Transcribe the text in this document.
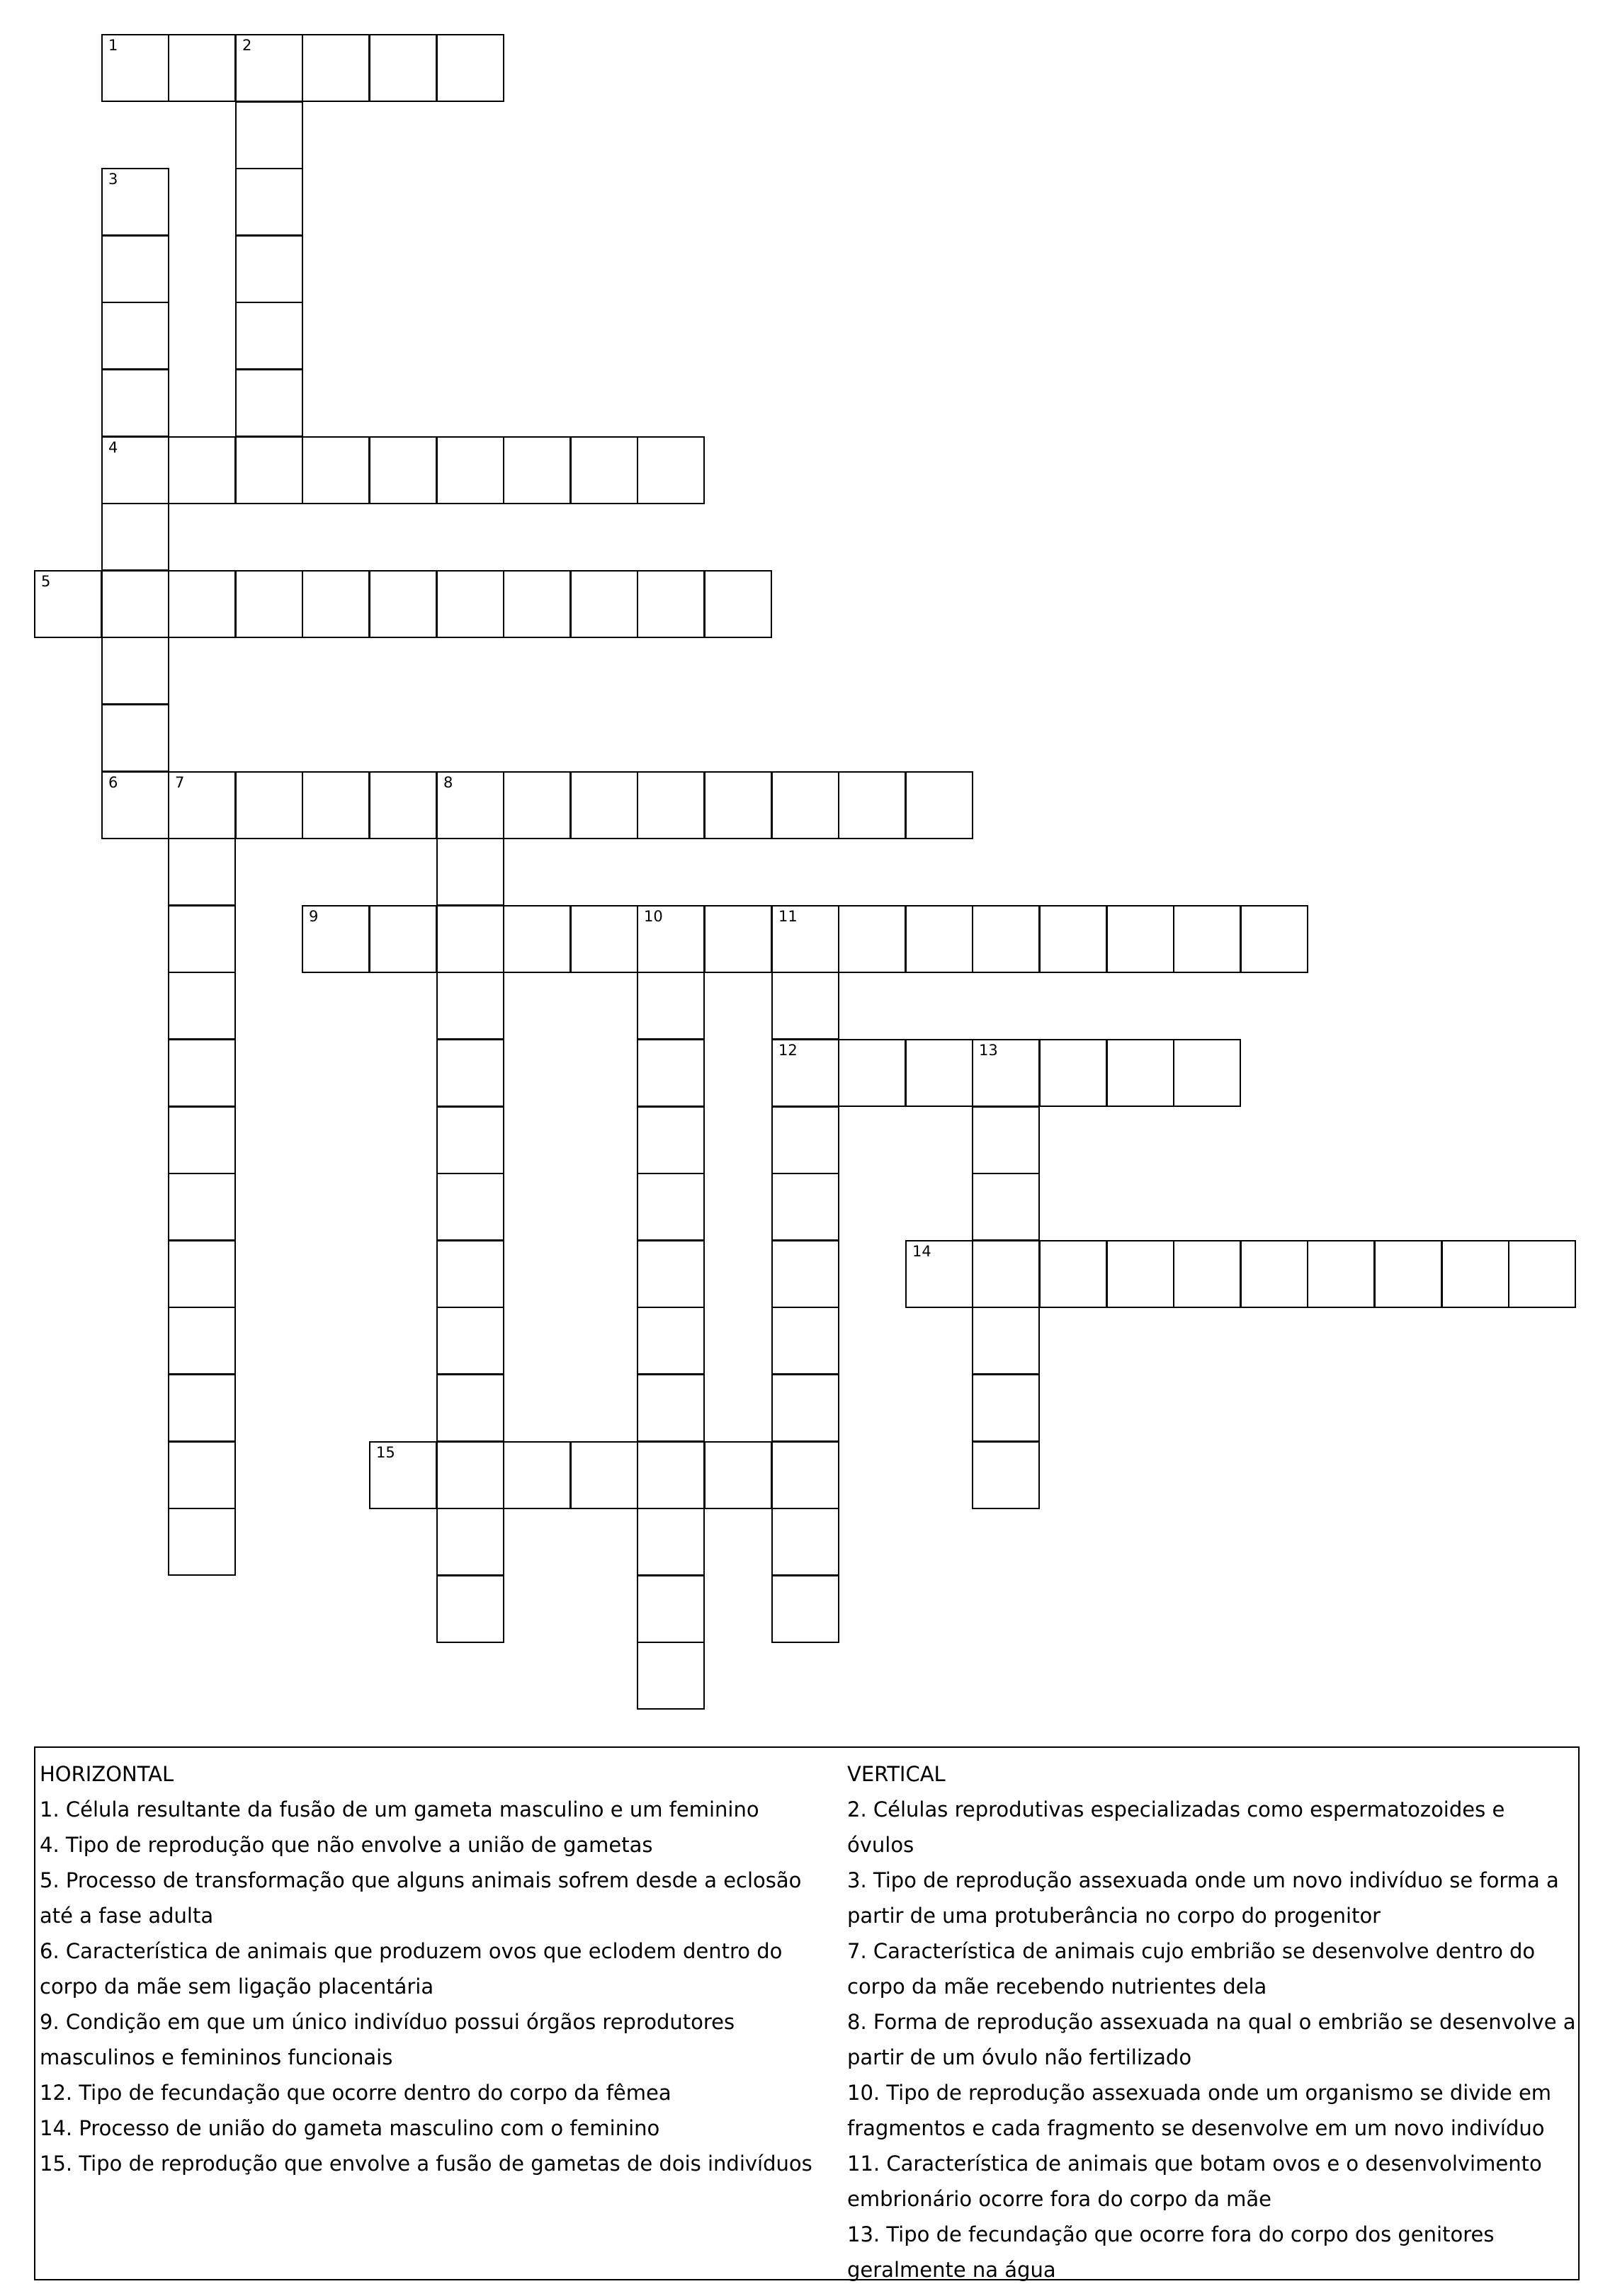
1	2
3
4
5
6	7	8
9	10	11
12	13
14
15
HORIZONTAL
1. Célula resultante da fusão de um gameta masculino e um feminino
4. Tipo de reprodução que não envolve a união de gametas
5. Processo de transformação que alguns animais sofrem desde a eclosão até a fase adulta
6. Característica de animais que produzem ovos que eclodem dentro do corpo da mãe sem ligação placentária
9. Condição em que um único indivíduo possui órgãos reprodutores masculinos e femininos funcionais
12. Tipo de fecundação que ocorre dentro do corpo da fêmea
14. Processo de união do gameta masculino com o feminino
15. Tipo de reprodução que envolve a fusão de gametas de dois indivíduos
VERTICAL
2. Células reprodutivas especializadas como espermatozoides e óvulos
3. Tipo de reprodução assexuada onde um novo indivíduo se forma a partir de uma protuberância no corpo do progenitor
7. Característica de animais cujo embrião se desenvolve dentro do corpo da mãe recebendo nutrientes dela
8. Forma de reprodução assexuada na qual o embrião se desenvolve a partir de um óvulo não fertilizado
10. Tipo de reprodução assexuada onde um organismo se divide em fragmentos e cada fragmento se desenvolve em um novo indivíduo
11. Característica de animais que botam ovos e o desenvolvimento embrionário ocorre fora do corpo da mãe
13. Tipo de fecundação que ocorre fora do corpo dos genitores geralmente na água
